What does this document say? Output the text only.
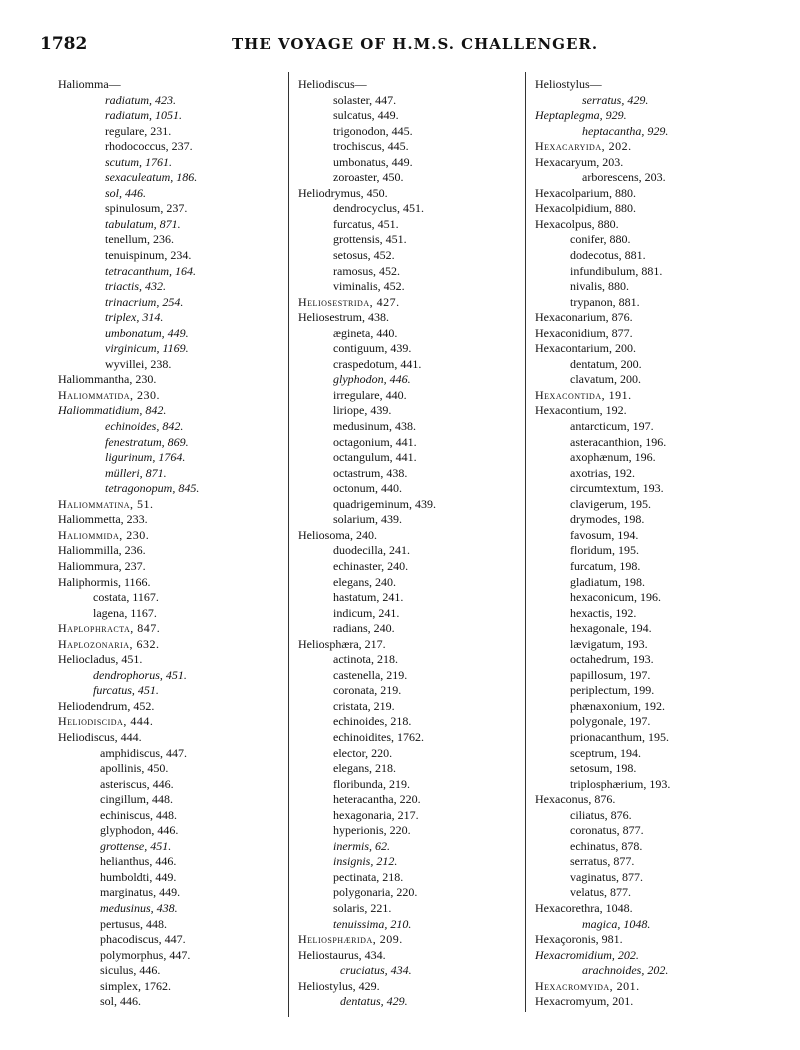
1782	THE VOYAGE OF H.M.S. CHALLENGER.
Haliomma—
radiatum, 423.
radiatum, 1051.
regulare, 231.
rhodococcus, 237.
scutum, 1761.
sexaculeatum, 186.
sol, 446.
spinulosum, 237.
tabulatum, 871.
tenellum, 236.
tenuispinum, 234.
tetracanthum, 164.
triactis, 432.
trinacrium, 254.
triplex, 314.
umbonatum, 449.
virginicum, 1169.
wyvillei, 238.
Haliommantha, 230.
Haliommatida, 230.
Haliommatidium, 842.
echinoides, 842.
fenestratum, 869.
ligurinum, 1764.
mülleri, 871.
tetragonopum, 845.
Haliommatina, 51.
Haliommetta, 233.
Haliommida, 230.
Haliommilla, 236.
Haliommura, 237.
Haliphormis, 1166.
costata, 1167.
lagena, 1167.
Haplophracta, 847.
Haplozonaria, 632.
Heliocladus, 451.
dendrophorus, 451.
furcatus, 451.
Heliodendrum, 452.
Heliodiscida, 444.
Heliodiscus, 444.
amphidiscus, 447.
apollinis, 450.
asteriscus, 446.
cingillum, 448.
echiniscus, 448.
glyphodon, 446.
grottense, 451.
helianthus, 446.
humboldti, 449.
marginatus, 449.
medusinus, 438.
pertusus, 448.
phacodiscus, 447.
polymorphus, 447.
siculus, 446.
simplex, 1762.
sol, 446.
Heliodiscus—
solaster, 447.
sulcatus, 449.
trigonodon, 445.
trochiscus, 445.
umbonatus, 449.
zoroaster, 450.
Heliodrymus, 450.
dendrocyclus, 451.
furcatus, 451.
grottensis, 451.
setosus, 452.
ramosus, 452.
viminalis, 452.
Heliosestrida, 427.
Heliosestrum, 438.
ægineta, 440.
contiguum, 439.
craspedotum, 441.
glyphodon, 446.
irregulare, 440.
liriope, 439.
medusinum, 438.
octagonium, 441.
octangulum, 441.
octastrum, 438.
octonum, 440.
quadrigeminum, 439.
solarium, 439.
Heliosoma, 240.
duodecilla, 241.
echinaster, 240.
elegans, 240.
hastatum, 241.
indicum, 241.
radians, 240.
Heliosphæra, 217.
actinota, 218.
castenella, 219.
coronata, 219.
cristata, 219.
echinoides, 218.
echinoidites, 1762.
elector, 220.
elegans, 218.
floribunda, 219.
heteracantha, 220.
hexagonaria, 217.
hyperionis, 220.
inermis, 62.
insignis, 212.
pectinata, 218.
polygonaria, 220.
solaris, 221.
tenuissima, 210.
Heliosphærida, 209.
Heliostaurus, 434.
cruciatus, 434.
Heliostylus, 429.
dentatus, 429.
Heliostylus—
serratus, 429.
Heptaplegma, 929.
heptacantha, 929.
Hexacaryida, 202.
Hexacaryum, 203.
arborescens, 203.
Hexacolparium, 880.
Hexacolpidium, 880.
Hexacolpus, 880.
conifer, 880.
dodecotus, 881.
infundibulum, 881.
nivalis, 880.
trypanon, 881.
Hexaconarium, 876.
Hexaconidium, 877.
Hexacontarium, 200.
dentatum, 200.
clavatum, 200.
Hexacontida, 191.
Hexacontium, 192.
antarcticum, 197.
asteracanthion, 196.
axophænum, 196.
axotrias, 192.
circumtextum, 193.
clavigerum, 195.
drymodes, 198.
favosum, 194.
floridum, 195.
furcatum, 198.
gladiatum, 198.
hexaconicum, 196.
hexactis, 192.
hexagonale, 194.
lævigatum, 193.
octahedrum, 193.
papillosum, 197.
periplectum, 199.
phænaxonium, 192.
polygonale, 197.
prionacanthum, 195.
sceptrum, 194.
setosum, 198.
triplosphærium, 193.
Hexaconus, 876.
ciliatus, 876.
coronatus, 877.
echinatus, 878.
serratus, 877.
vaginatus, 877.
velatus, 877.
Hexacorethra, 1048.
magica, 1048.
Hexaçoronis, 981.
Hexacromidium, 202.
arachnoides, 202.
Hexacromyida, 201.
Hexacromyum, 201.
